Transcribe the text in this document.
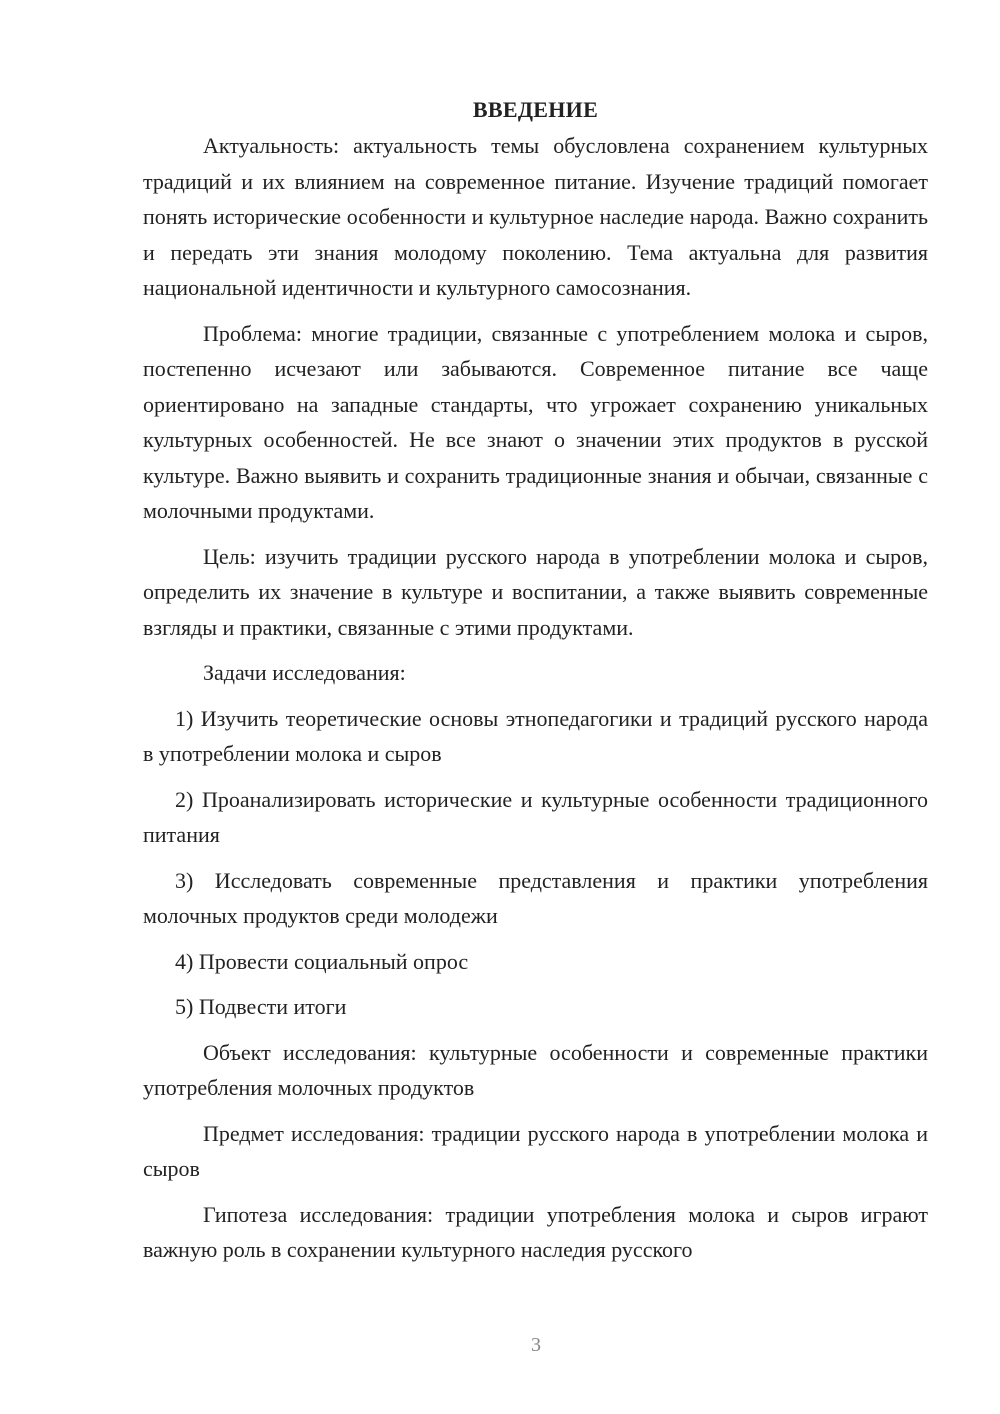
ВВЕДЕНИЕ

Актуальность: актуальность темы обусловлена сохранением культурных традиций и их влиянием на современное питание. Изучение традиций помогает понять исторические особенности и культурное наследие народа. Важно сохранить и передать эти знания молодому поколению. Тема актуальна для развития национальной идентичности и культурного самосознания.

Проблема: многие традиции, связанные с употреблением молока и сыров, постепенно исчезают или забываются. Современное питание все чаще ориентировано на западные стандарты, что угрожает сохранению уникальных культурных особенностей. Не все знают о значении этих продуктов в русской культуре. Важно выявить и сохранить традиционные знания и обычаи, связанные с молочными продуктами.

Цель: изучить традиции русского народа в употреблении молока и сыров, определить их значение в культуре и воспитании, а также выявить современные взгляды и практики, связанные с этими продуктами.

Задачи исследования:

1) Изучить теоретические основы этнопедагогики и традиций русского народа в употреблении молока и сыров

2) Проанализировать исторические и культурные особенности традиционного питания

3) Исследовать современные представления и практики употребления молочных продуктов среди молодежи

4) Провести социальный опрос

5) Подвести итоги

Объект исследования: культурные особенности и современные практики употребления молочных продуктов

Предмет исследования: традиции русского народа в употреблении молока и сыров

Гипотеза исследования: традиции употребления молока и сыров играют важную роль в сохранении культурного наследия русского

3
